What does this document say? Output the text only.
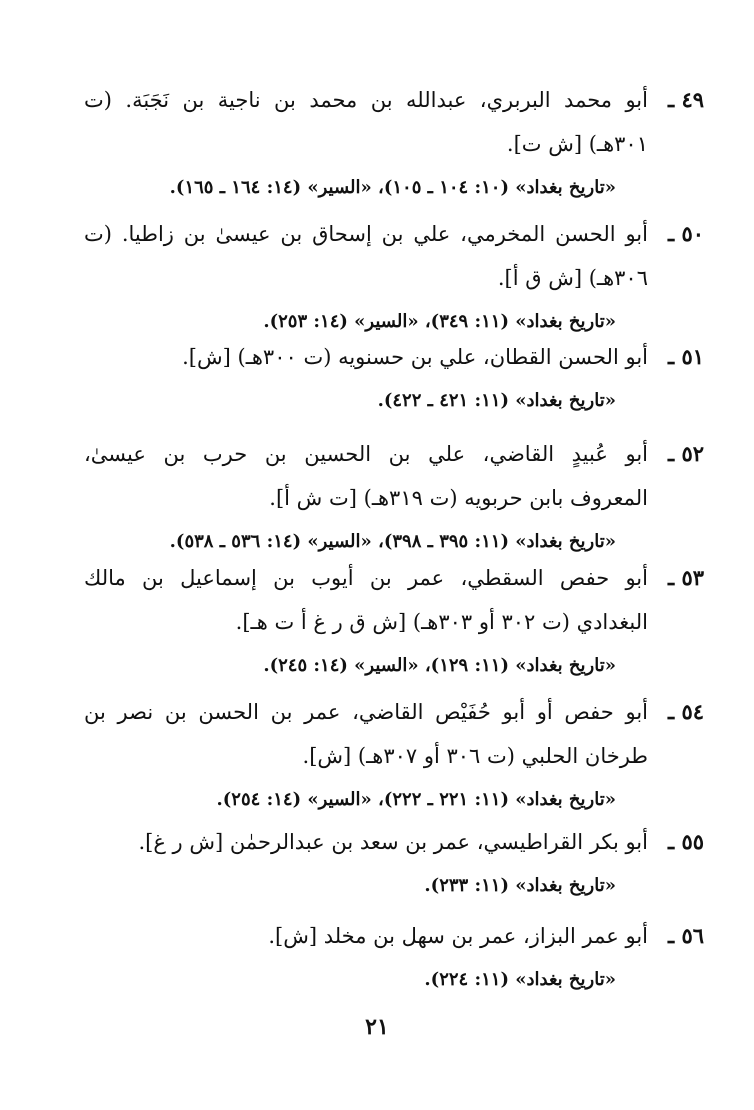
٤٩ ـ
أبو محمد البربري، عبدالله بن محمد بن ناجية بن نَجَبَة. (ت
٣٠١هـ) [ش ت].
«تاريخ بغداد» (١٠: ١٠٤ ـ ١٠٥)، «السير» (١٤: ١٦٤ ـ ١٦٥).
٥٠ ـ
أبو الحسن المخرمي، علي بن إسحاق بن عيسىٰ بن زاطيا. (ت
٣٠٦هـ) [ش ق أ].
«تاريخ بغداد» (١١: ٣٤٩)، «السير» (١٤: ٢٥٣).
٥١ ـ
أبو الحسن القطان، علي بن حسنويه (ت ٣٠٠هـ) [ش].
«تاريخ بغداد» (١١: ٤٢١ ـ ٤٢٢).
٥٢ ـ
أبو عُبيدٍ القاضي، علي بن الحسين بن حرب بن عيسىٰ،
المعروف بابن حربويه (ت ٣١٩هـ) [ت ش أ].
«تاريخ بغداد» (١١: ٣٩٥ ـ ٣٩٨)، «السير» (١٤: ٥٣٦ ـ ٥٣٨).
٥٣ ـ
أبو حفص السقطي، عمر بن أيوب بن إسماعيل بن مالك
البغدادي (ت ٣٠٢ أو ٣٠٣هـ) [ش ق ر غ أ ت هـ].
«تاريخ بغداد» (١١: ١٢٩)، «السير» (١٤: ٢٤٥).
٥٤ ـ
أبو حفص أو أبو حُفَيْص القاضي، عمر بن الحسن بن نصر بن
طرخان الحلبي (ت ٣٠٦ أو ٣٠٧هـ) [ش].
«تاريخ بغداد» (١١: ٢٢١ ـ ٢٢٢)، «السير» (١٤: ٢٥٤).
٥٥ ـ
أبو بكر القراطيسي، عمر بن سعد بن عبدالرحمٰن [ش ر غ].
«تاريخ بغداد» (١١: ٢٣٣).
٥٦ ـ
أبو عمر البزاز، عمر بن سهل بن مخلد [ش].
«تاريخ بغداد» (١١: ٢٢٤).
٢١
